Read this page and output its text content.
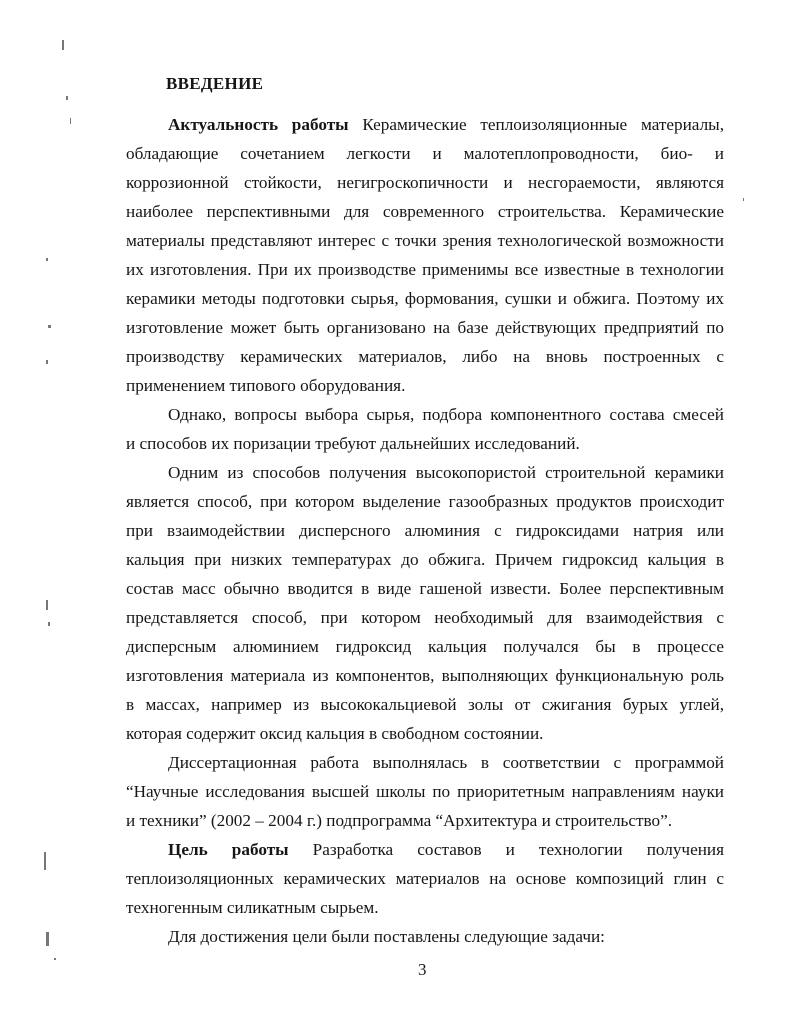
ВВЕДЕНИЕ
Актуальность работы Керамические теплоизоляционные материалы,
обладающие сочетанием легкости и малотеплопроводности, био- и
коррозионной стойкости, негигроскопичности и несгораемости, являются
наиболее перспективными для современного строительства. Керамические
материалы представляют интерес с точки зрения технологической возможности
их изготовления. При их производстве применимы все известные в технологии
керамики методы подготовки сырья, формования, сушки и обжига. Поэтому их
изготовление может быть организовано на базе действующих предприятий по
производству керамических материалов, либо на вновь построенных с
применением типового оборудования.
Однако, вопросы выбора сырья, подбора компонентного состава смесей
и способов их поризации требуют дальнейших исследований.
Одним из способов получения высокопористой строительной керамики
является способ, при котором выделение газообразных продуктов происходит
при взаимодействии дисперсного алюминия с гидроксидами натрия или
кальция при низких температурах до обжига. Причем гидроксид кальция в
состав масс обычно вводится в виде гашеной извести. Более перспективным
представляется способ, при котором необходимый для взаимодействия с
дисперсным алюминием гидроксид кальция получался бы в процессе
изготовления материала из компонентов, выполняющих функциональную роль
в массах, например из высококальциевой золы от сжигания бурых углей,
которая содержит оксид кальция в свободном состоянии.
Диссертационная работа выполнялась в соответствии с программой
“Научные исследования высшей школы по приоритетным направлениям науки
и техники” (2002 – 2004 г.) подпрограмма “Архитектура и строительство”.
Цель работы Разработка составов и технологии получения
теплоизоляционных керамических материалов на основе композиций глин с
техногенным силикатным сырьем.
Для достижения цели были поставлены следующие задачи:
3
